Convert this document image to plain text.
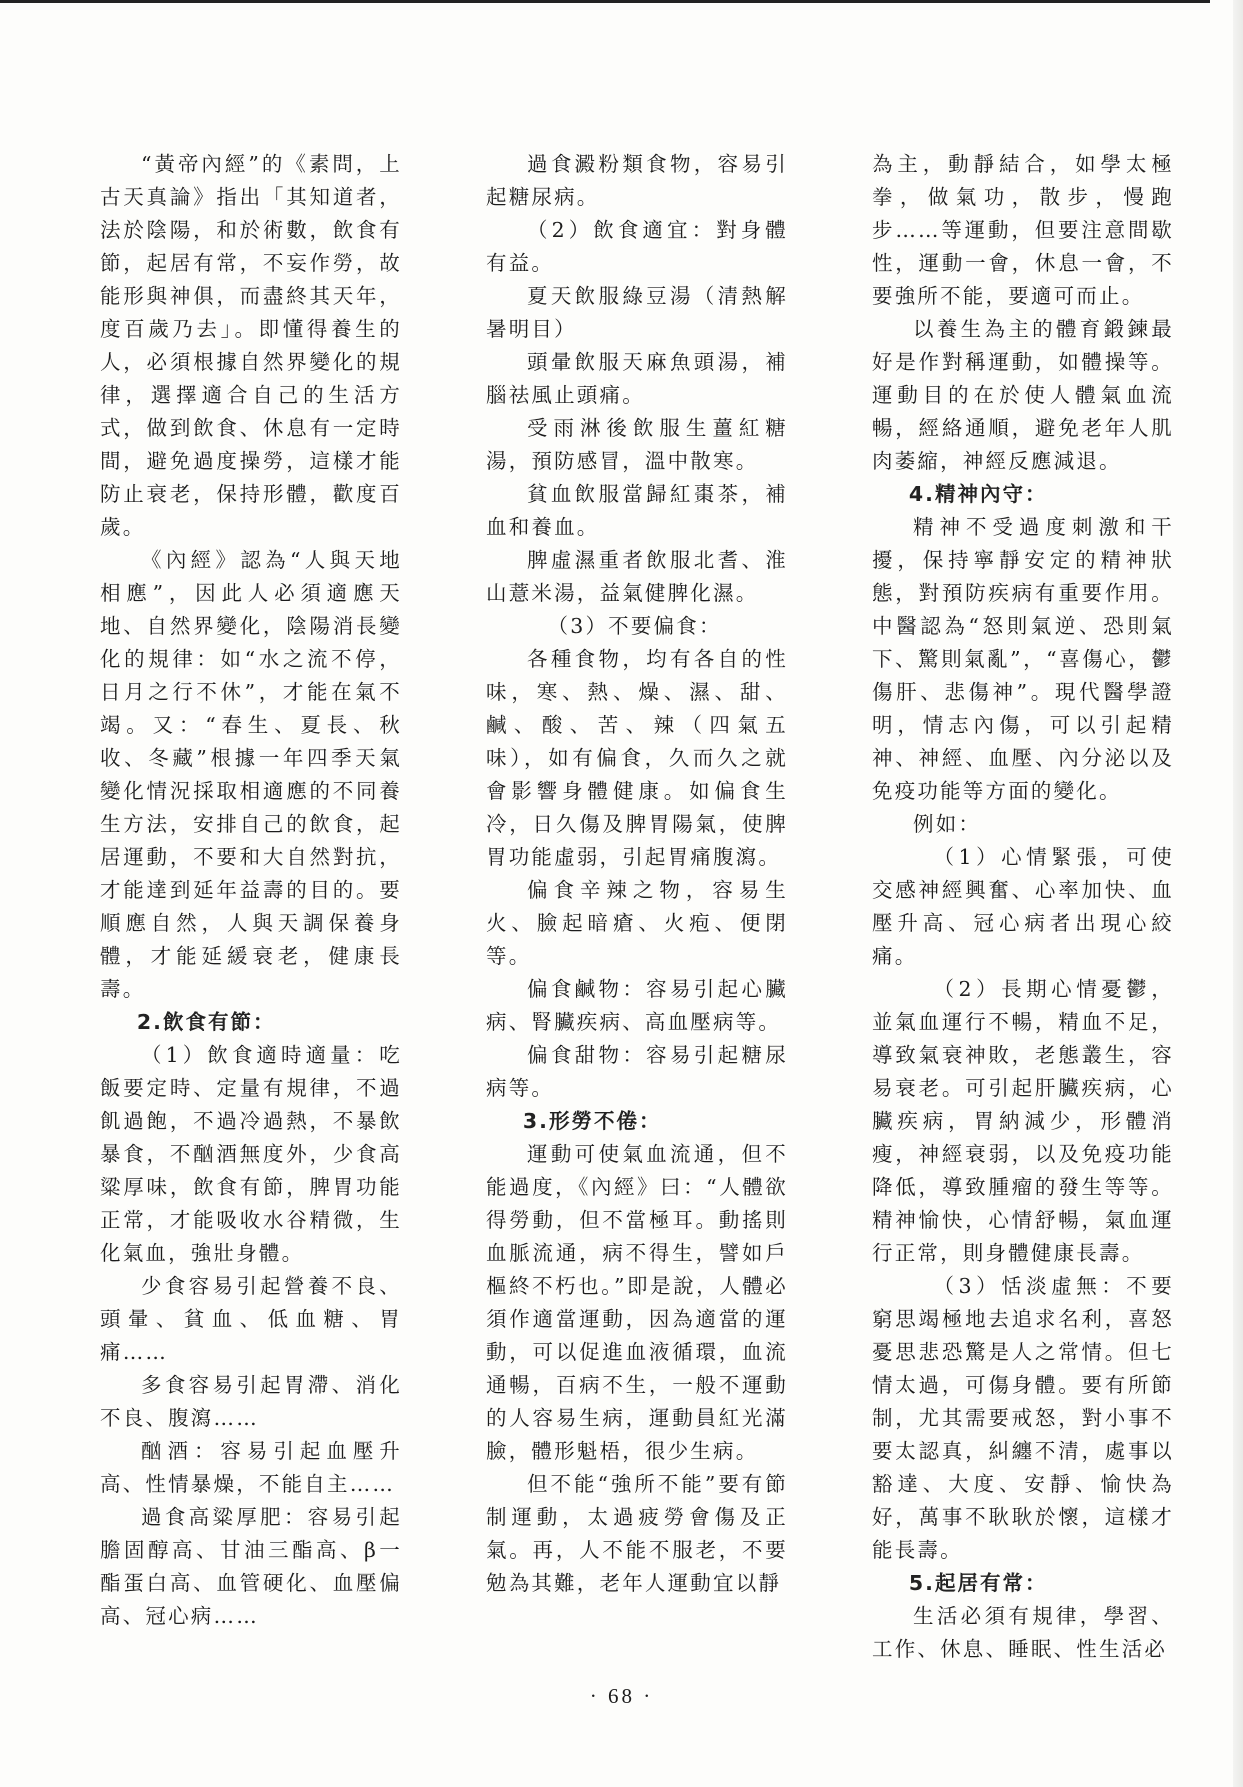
“黃帝內經”的《素問，上古天真論》指出「其知道者，法於陰陽，和於術數，飲食有節，起居有常，不妄作勞，故能形與神俱，而盡終其天年，度百歲乃去」。即懂得養生的人，必須根據自然界變化的規律，選擇適合自己的生活方式，做到飲食、休息有一定時間，避免過度操勞，這樣才能防止衰老，保持形體，歡度百歲。

《內經》認為“人與天地相應”，因此人必須適應天地、自然界變化，陰陽消長變化的規律：如“水之流不停，日月之行不休”，才能在氣不竭。又：“春生、夏長、秋收、冬藏”根據一年四季天氣變化情況採取相適應的不同養生方法，安排自己的飲食，起居運動，不要和大自然對抗，才能達到延年益壽的目的。要順應自然，人與天調保養身體，才能延緩衰老，健康長壽。

2.飲食有節：

（1）飲食適時適量：吃飯要定時、定量有規律，不過飢過飽，不過冷過熱，不暴飲暴食，不酗酒無度外，少食高粱厚味，飲食有節，脾胃功能正常，才能吸收水谷精微，生化氣血，強壯身體。

少食容易引起營養不良、頭暈、貧血、低血糖、胃痛……

多食容易引起胃滯、消化不良、腹瀉……

酗酒：容易引起血壓升高、性情暴燥，不能自主……

過食高粱厚肥：容易引起膽固醇高、甘油三酯高、β一酯蛋白高、血管硬化、血壓偏高、冠心病……

過食澱粉類食物，容易引起糖尿病。

（2）飲食適宜：對身體有益。

夏天飲服綠豆湯（清熱解暑明目）

頭暈飲服天麻魚頭湯，補腦祛風止頭痛。

受雨淋後飲服生薑紅糖湯，預防感冒，溫中散寒。

貧血飲服當歸紅棗茶，補血和養血。

脾虛濕重者飲服北耆、淮山薏米湯，益氣健脾化濕。

（3）不要偏食：

各種食物，均有各自的性味，寒、熱、燥、濕、甜、鹹、酸、苦、辣（四氣五味），如有偏食，久而久之就會影響身體健康。如偏食生冷，日久傷及脾胃陽氣，使脾胃功能虛弱，引起胃痛腹瀉。

偏食辛辣之物，容易生火、臉起暗瘡、火疱、便閉等。

偏食鹹物：容易引起心臟病、腎臟疾病、高血壓病等。

偏食甜物：容易引起糖尿病等。

3.形勞不倦：

運動可使氣血流通，但不能過度，《內經》曰：“人體欲得勞動，但不當極耳。動搖則血脈流通，病不得生，譬如戶樞終不朽也。”即是說，人體必須作適當運動，因為適當的運動，可以促進血液循環，血流通暢，百病不生，一般不運動的人容易生病，運動員紅光滿臉，體形魁梧，很少生病。

但不能“強所不能”要有節制運動，太過疲勞會傷及正氣。再，人不能不服老，不要勉為其難，老年人運動宜以靜

為主，動靜結合，如學太極拳，做氣功，散步，慢跑步……等運動，但要注意間歇性，運動一會，休息一會，不要強所不能，要適可而止。

以養生為主的體育鍛鍊最好是作對稱運動，如體操等。運動目的在於使人體氣血流暢，經絡通順，避免老年人肌肉萎縮，神經反應減退。

4.精神內守：

精神不受過度刺激和干擾，保持寧靜安定的精神狀態，對預防疾病有重要作用。中醫認為“怒則氣逆、恐則氣下、驚則氣亂”，“喜傷心，鬱傷肝、悲傷神”。現代醫學證明，情志內傷，可以引起精神、神經、血壓、內分泌以及免疫功能等方面的變化。

例如：

（1）心情緊張，可使交感神經興奮、心率加快、血壓升高、冠心病者出現心絞痛。

（2）長期心情憂鬱，並氣血運行不暢，精血不足，導致氣衰神敗，老態叢生，容易衰老。可引起肝臟疾病，心臟疾病，胃納減少，形體消瘦，神經衰弱，以及免疫功能降低，導致腫瘤的發生等等。精神愉快，心情舒暢，氣血運行正常，則身體健康長壽。

（3）恬淡虛無：不要窮思竭極地去追求名利，喜怒憂思悲恐驚是人之常情。但七情太過，可傷身體。要有所節制，尤其需要戒怒，對小事不要太認真，糾纏不清，處事以豁達、大度、安靜、愉快為好，萬事不耿耿於懷，這樣才能長壽。

5.起居有常：

生活必須有規律，學習、工作、休息、睡眠、性生活必

· 68 ·
